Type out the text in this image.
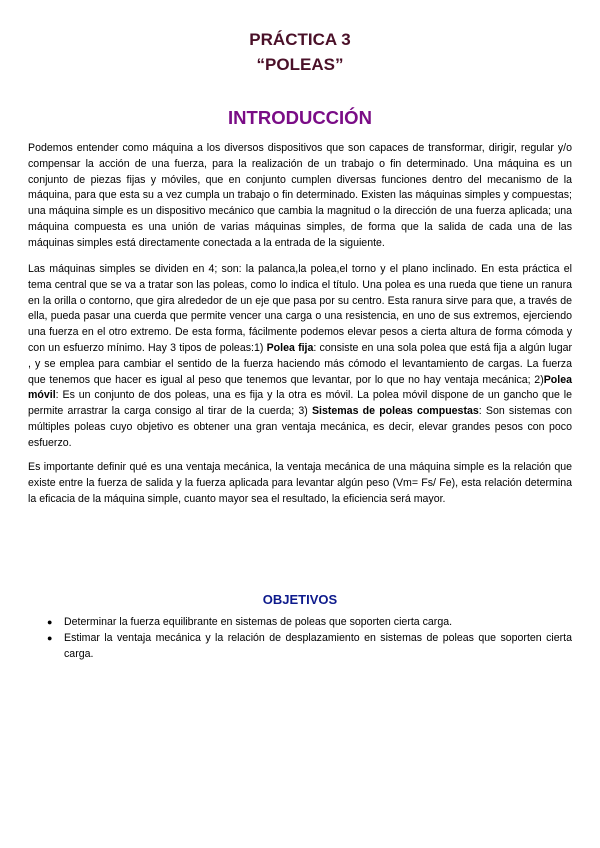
PRÁCTICA 3
“POLEAS”
INTRODUCCIÓN

Podemos entender como máquina a los diversos dispositivos que son capaces de transformar, dirigir, regular y/o compensar la acción de una fuerza, para la realización de un trabajo o fin determinado. Una máquina es un conjunto de piezas fijas y móviles, que en conjunto cumplen diversas funciones dentro del mecanismo de la máquina, para que esta su a vez cumpla un trabajo o fin determinado. Existen las máquinas simples y compuestas; una máquina simple es un dispositivo mecánico que cambia la magnitud o la dirección de una fuerza aplicada; una máquina compuesta es una unión de varias máquinas simples, de forma que la salida de cada una de las máquinas simples está directamente conectada a la entrada de la siguiente.

Las máquinas simples se dividen en 4; son: la palanca,la polea,el torno y el plano inclinado. En esta práctica el tema central que se va a tratar son las poleas, como lo indica el título. Una polea es una rueda que tiene un ranura en la orilla o contorno, que gira alrededor de un eje que pasa por su centro. Esta ranura sirve para que, a través de ella, pueda pasar una cuerda que permite vencer una carga o una resistencia, en uno de sus extremos, ejerciendo una fuerza en el otro extremo. De esta forma, fácilmente podemos elevar pesos a cierta altura de forma cómoda y con un esfuerzo mínimo. Hay 3 tipos de poleas:1) Polea fija: consiste en una sola polea que está fija a algún lugar , y se emplea para cambiar el sentido de la fuerza haciendo más cómodo el levantamiento de cargas. La fuerza que tenemos que hacer es igual al peso que tenemos que levantar, por lo que no hay ventaja mecánica; 2)Polea móvil: Es un conjunto de dos poleas, una es fija y la otra es móvil. La polea móvil dispone de un gancho que le permite arrastrar la carga consigo al tirar de la cuerda; 3) Sistemas de poleas compuestas: Son sistemas con múltiples poleas cuyo objetivo es obtener una gran ventaja mecánica, es decir, elevar grandes pesos con poco esfuerzo.

Es importante definir qué es una ventaja mecánica, la ventaja mecánica de una máquina simple es la relación que existe entre la fuerza de salida y la fuerza aplicada para levantar algún peso (Vm= Fs/ Fe), esta relación determina la eficacia de la máquina simple, cuanto mayor sea el resultado, la eficiencia será mayor.

OBJETIVOS
● Determinar la fuerza equilibrante en sistemas de poleas que soporten cierta carga.
● Estimar la ventaja mecánica y la relación de desplazamiento en sistemas de poleas que soporten cierta carga.
